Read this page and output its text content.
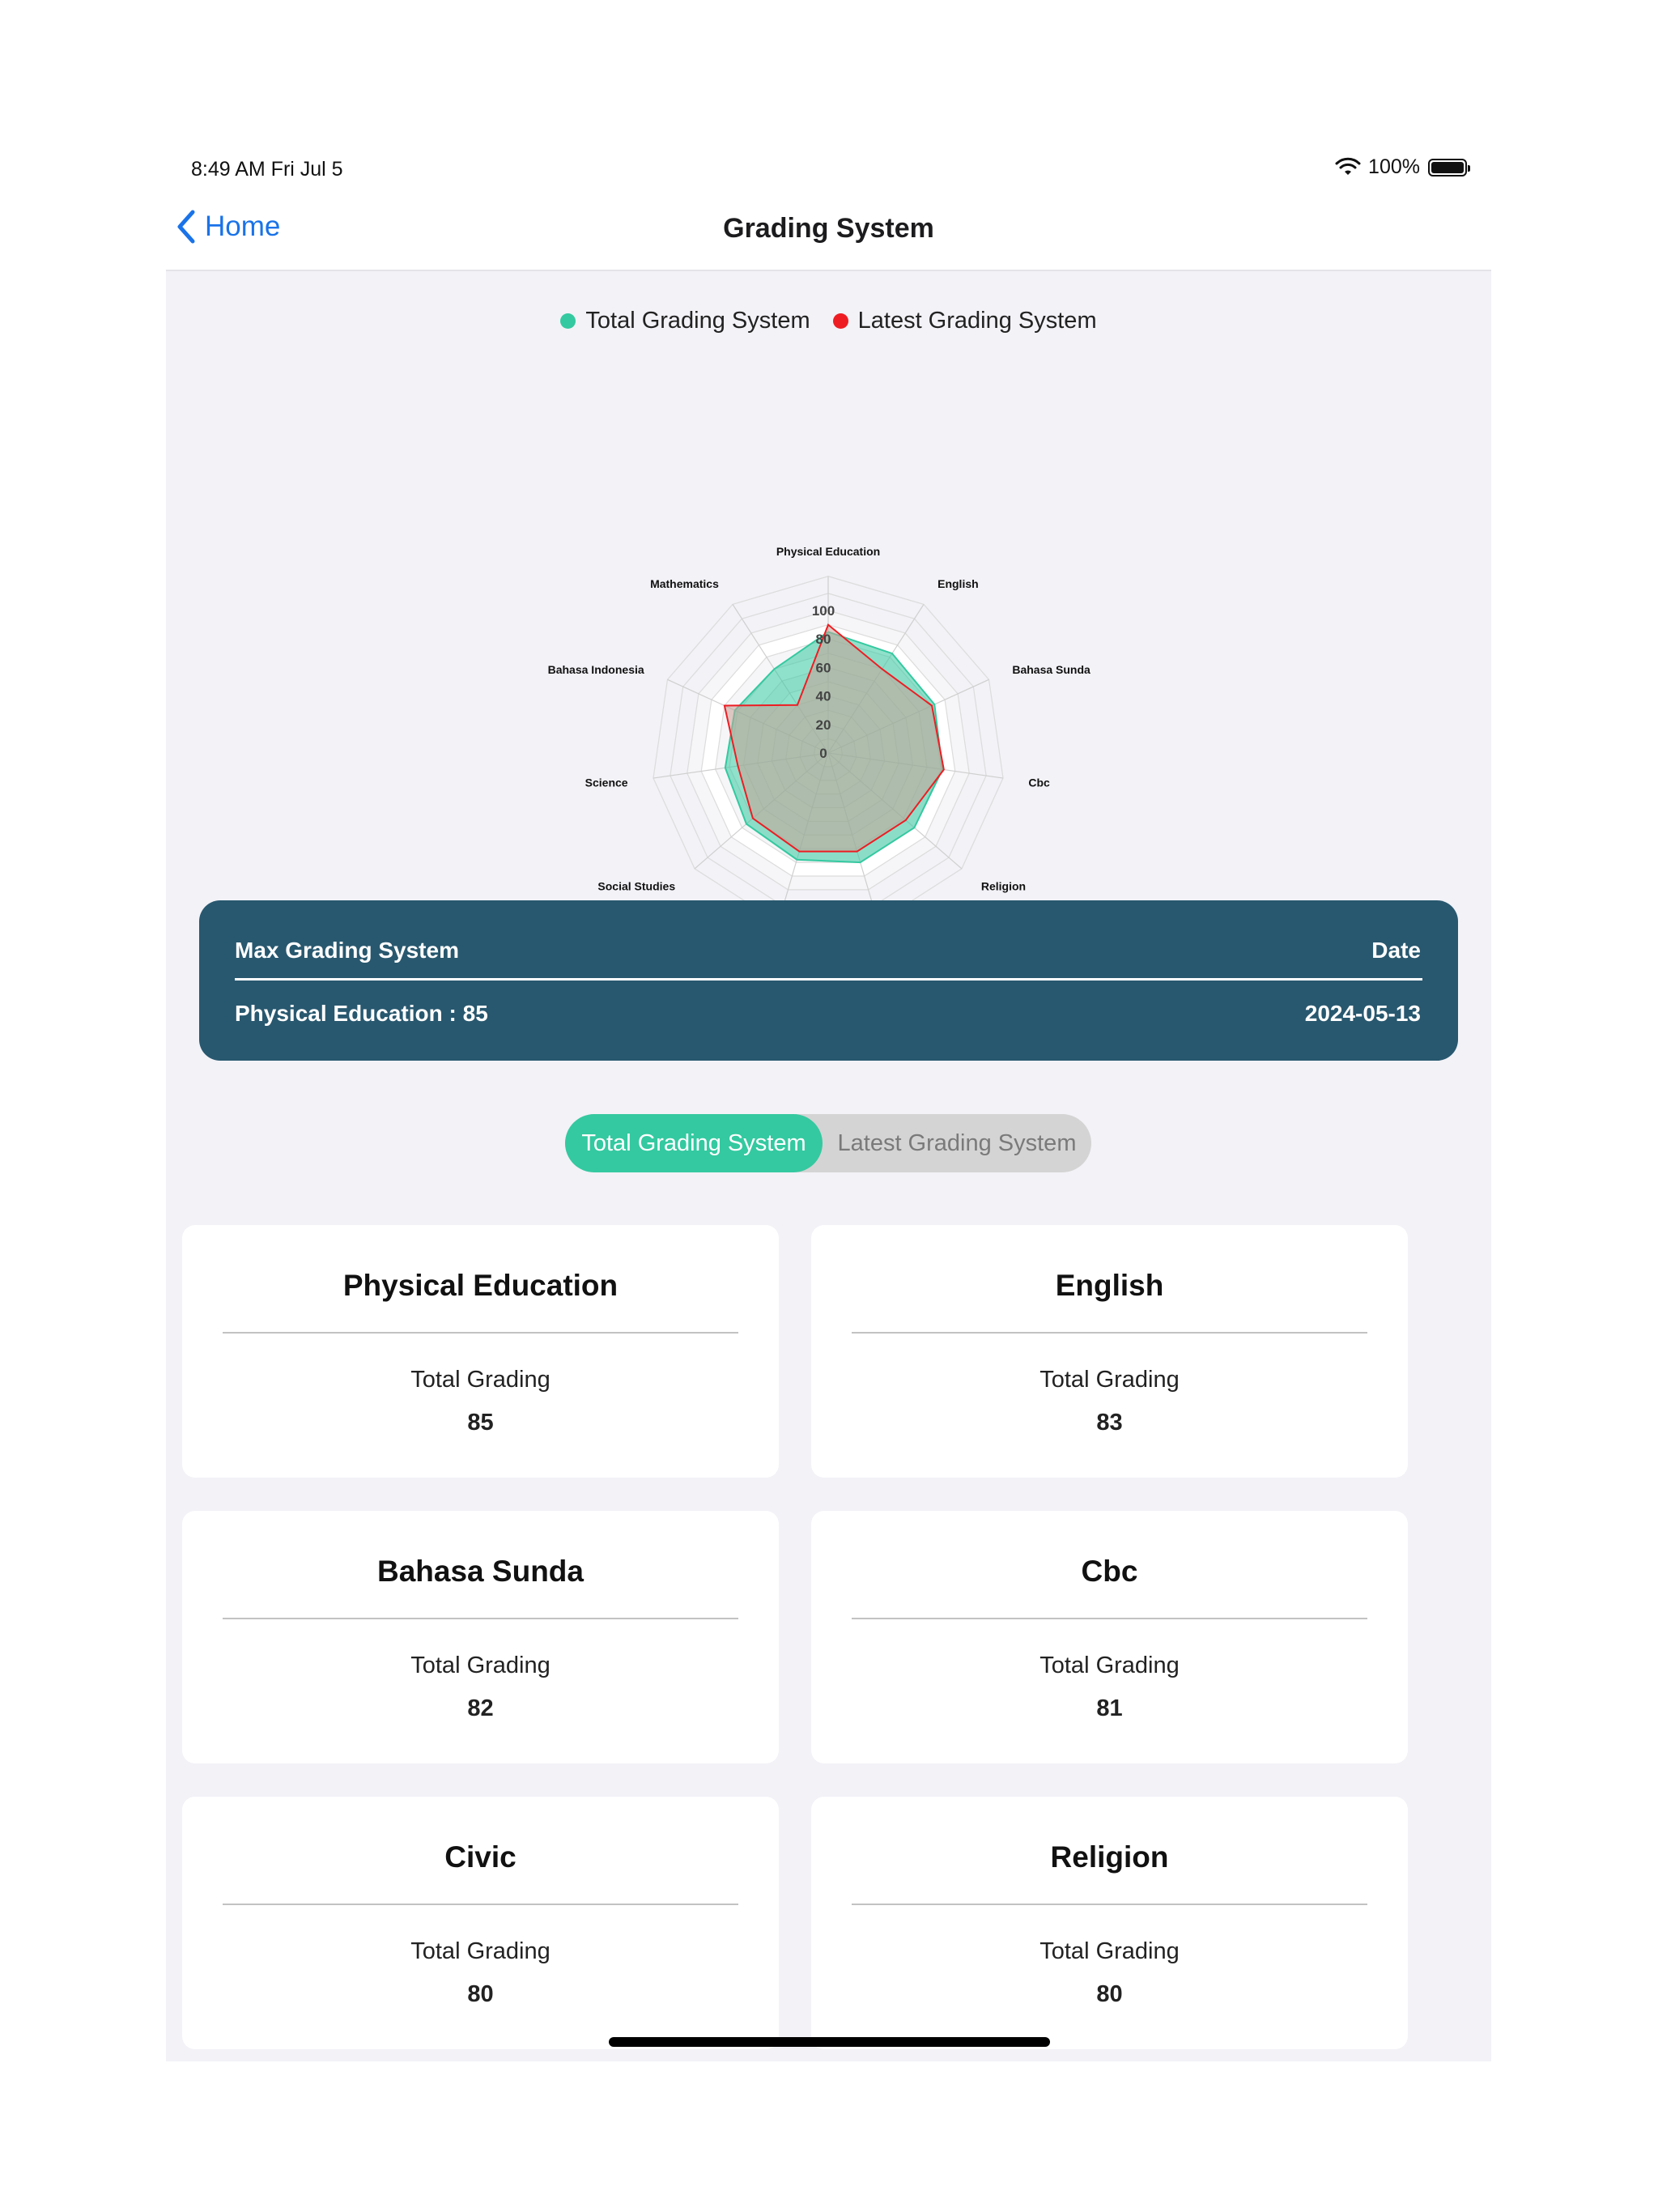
8:49 AM Fri Jul 5	100%
Home	Grading System
Total Grading System Latest Grading System
0
20
40
60
80
100
Physical Education
English
Bahasa Sunda
Cbc
Religion
Social Studies
Science
Bahasa Indonesia
Mathematics
Max Grading System	Date
Physical Education : 85	2024-05-13
Total Grading System	Latest Grading System
Physical Education
Total Grading
85
English
Total Grading
83
Bahasa Sunda
Total Grading
82
Cbc
Total Grading
81
Civic
Total Grading
80
Religion
Total Grading
80
